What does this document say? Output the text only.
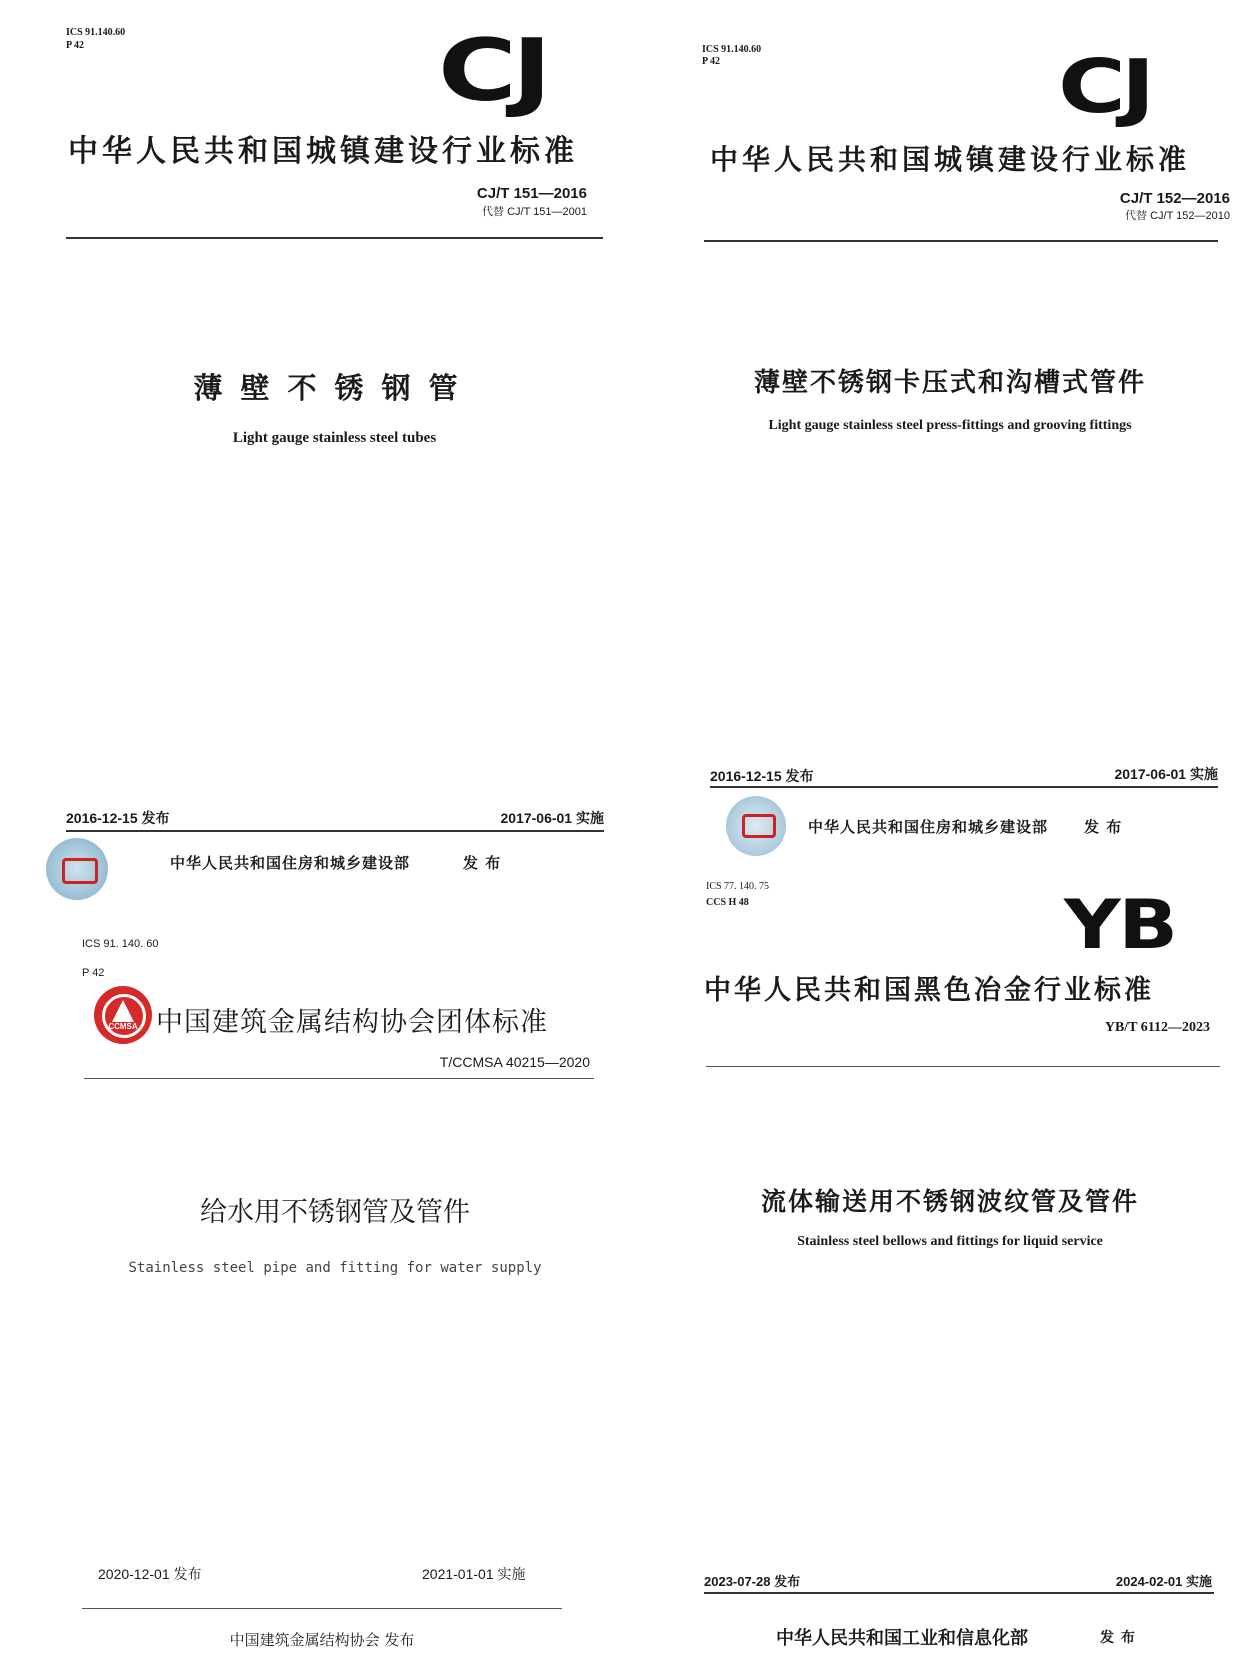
ICS 91.140.60
P 42	CJ
中华人民共和国城镇建设行业标准
CJ/T 151—2016
代替 CJ/T 151—2001
薄壁不锈钢管
Light gauge stainless steel tubes
2016-12-15 发布	2017-06-01 实施
中华人民共和国住房和城乡建设部	发 布
ICS 91.140.60
P 42	CJ
中华人民共和国城镇建设行业标准
CJ/T 152—2016
代替 CJ/T 152—2010
薄壁不锈钢卡压式和沟槽式管件
Light gauge stainless steel press-fittings and grooving fittings
2016-12-15 发布	2017-06-01 实施
中华人民共和国住房和城乡建设部 发 布
ICS 91. 140. 60
P 42
CCMSA 中国建筑金属结构协会团体标准
T/CCMSA 40215—2020
给水用不锈钢管及管件
Stainless steel pipe and fitting for water supply
2020-12-01 发布	2021-01-01 实施
中国建筑金属结构协会 发布
ICS 77. 140. 75
CCS H 48	YB
中华人民共和国黑色冶金行业标准
YB/T 6112—2023
流体输送用不锈钢波纹管及管件
Stainless steel bellows and fittings for liquid service
2023-07-28 发布	2024-02-01 实施
中华人民共和国工业和信息化部	发 布
